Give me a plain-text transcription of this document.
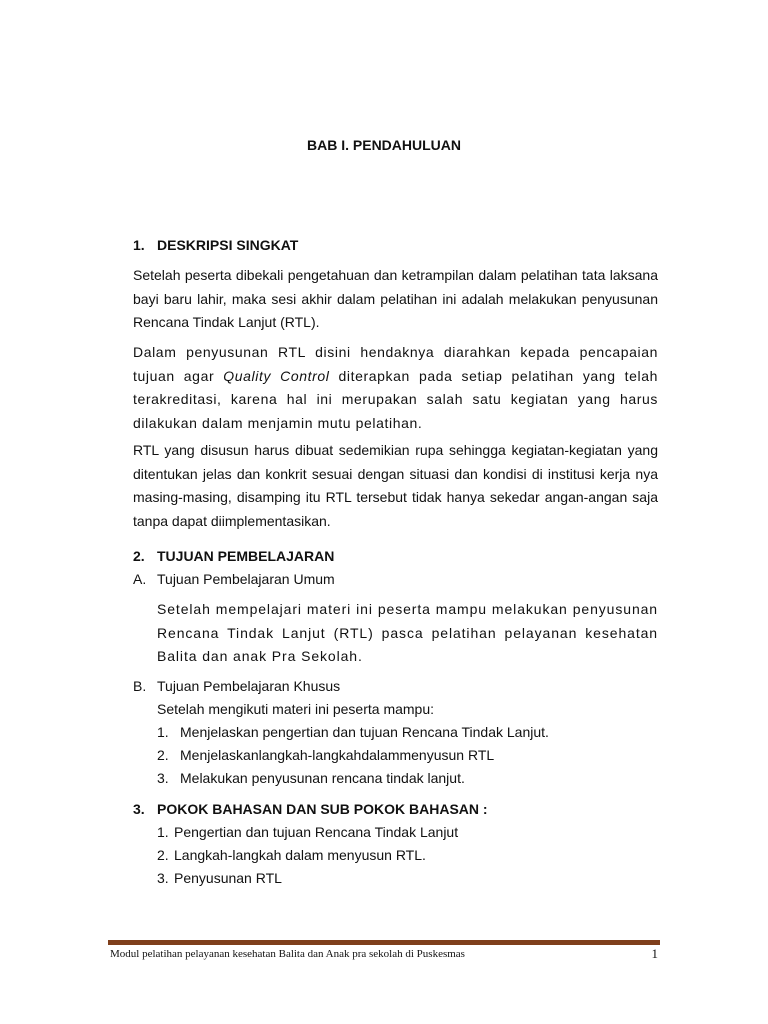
BAB I. PENDAHULUAN
1. DESKRIPSI SINGKAT
Setelah peserta dibekali pengetahuan dan ketrampilan dalam pelatihan tata laksana bayi baru lahir, maka sesi akhir dalam pelatihan ini adalah melakukan penyusunan Rencana Tindak Lanjut (RTL).
Dalam penyusunan RTL disini hendaknya diarahkan kepada pencapaian tujuan agar Quality Control diterapkan pada setiap pelatihan yang telah terakreditasi, karena hal ini merupakan salah satu kegiatan yang harus dilakukan dalam menjamin mutu pelatihan.
RTL yang disusun harus dibuat sedemikian rupa sehingga kegiatan-kegiatan yang ditentukan jelas dan konkrit sesuai dengan situasi dan kondisi di institusi kerja nya masing-masing, disamping itu RTL tersebut tidak hanya sekedar angan-angan saja tanpa dapat diimplementasikan.
2. TUJUAN PEMBELAJARAN
A. Tujuan Pembelajaran Umum
Setelah mempelajari materi ini peserta mampu melakukan penyusunan Rencana Tindak Lanjut (RTL) pasca pelatihan pelayanan kesehatan Balita dan anak Pra Sekolah.
B. Tujuan Pembelajaran Khusus
Setelah mengikuti materi ini peserta mampu:
1. Menjelaskan pengertian dan tujuan Rencana Tindak Lanjut.
2. Menjelaskanlangkah-langkahdalammenyusun RTL
3. Melakukan penyusunan rencana tindak lanjut.
3. POKOK BAHASAN DAN SUB POKOK BAHASAN :
1. Pengertian dan tujuan Rencana Tindak Lanjut
2. Langkah-langkah dalam menyusun RTL.
3. Penyusunan RTL
Modul pelatihan pelayanan kesehatan Balita dan Anak pra sekolah di Puskesmas	1
